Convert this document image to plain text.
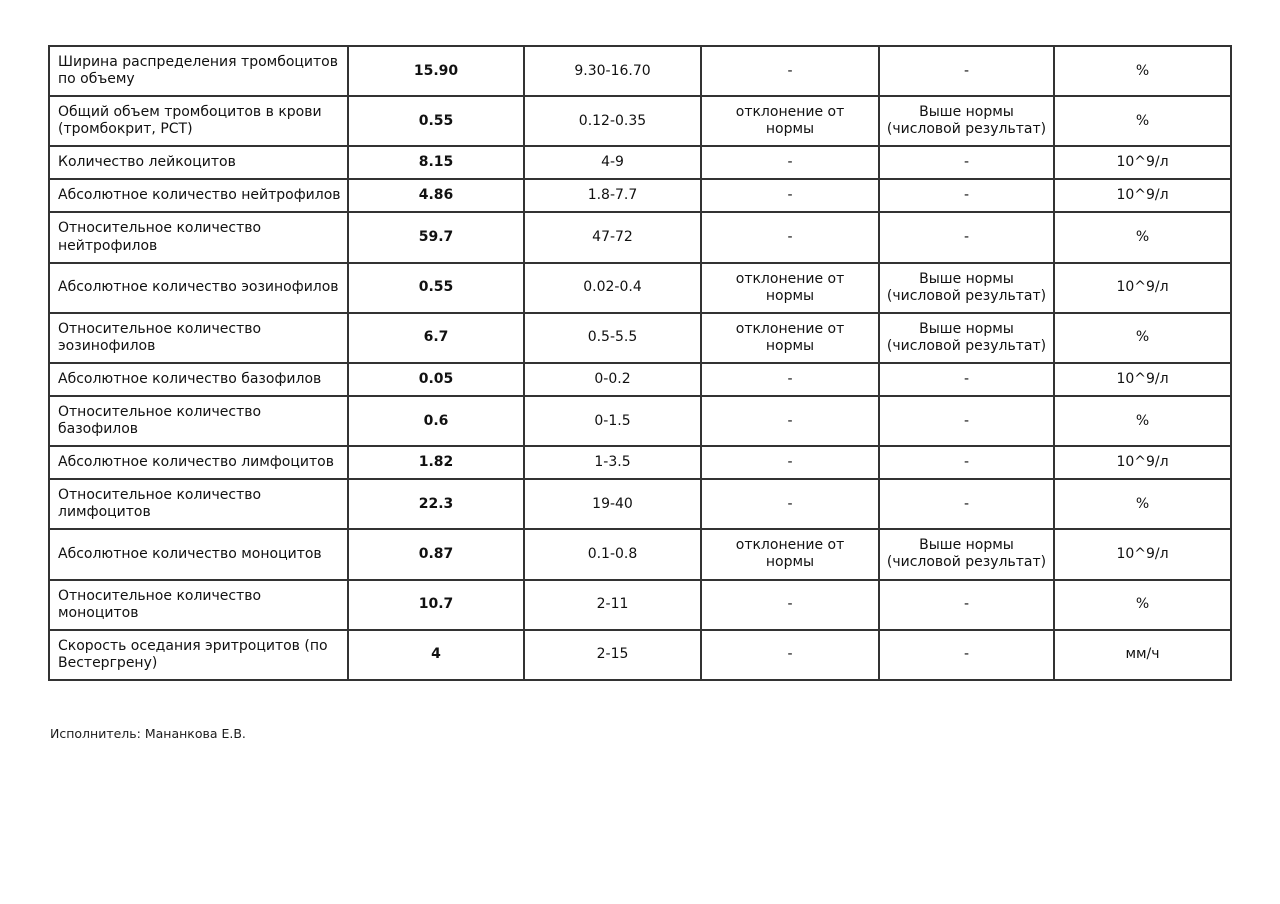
Ширина распределения тромбоцитов по объему	15.90	9.30-16.70	-	-	%
Общий объем тромбоцитов в крови (тромбокрит, PCT)	0.55	0.12-0.35	отклонение от нормы	Выше нормы (числовой результат)	%
Количество лейкоцитов	8.15	4-9	-	-	10^9/л
Абсолютное количество нейтрофилов	4.86	1.8-7.7	-	-	10^9/л
Относительное количество нейтрофилов	59.7	47-72	-	-	%
Абсолютное количество эозинофилов	0.55	0.02-0.4	отклонение от нормы	Выше нормы (числовой результат)	10^9/л
Относительное количество эозинофилов	6.7	0.5-5.5	отклонение от нормы	Выше нормы (числовой результат)	%
Абсолютное количество базофилов	0.05	0-0.2	-	-	10^9/л
Относительное количество базофилов	0.6	0-1.5	-	-	%
Абсолютное количество лимфоцитов	1.82	1-3.5	-	-	10^9/л
Относительное количество лимфоцитов	22.3	19-40	-	-	%
Абсолютное количество моноцитов	0.87	0.1-0.8	отклонение от нормы	Выше нормы (числовой результат)	10^9/л
Относительное количество моноцитов	10.7	2-11	-	-	%
Скорость оседания эритроцитов (по Вестергрену)	4	2-15	-	-	мм/ч
Исполнитель: Мананкова Е.В.
